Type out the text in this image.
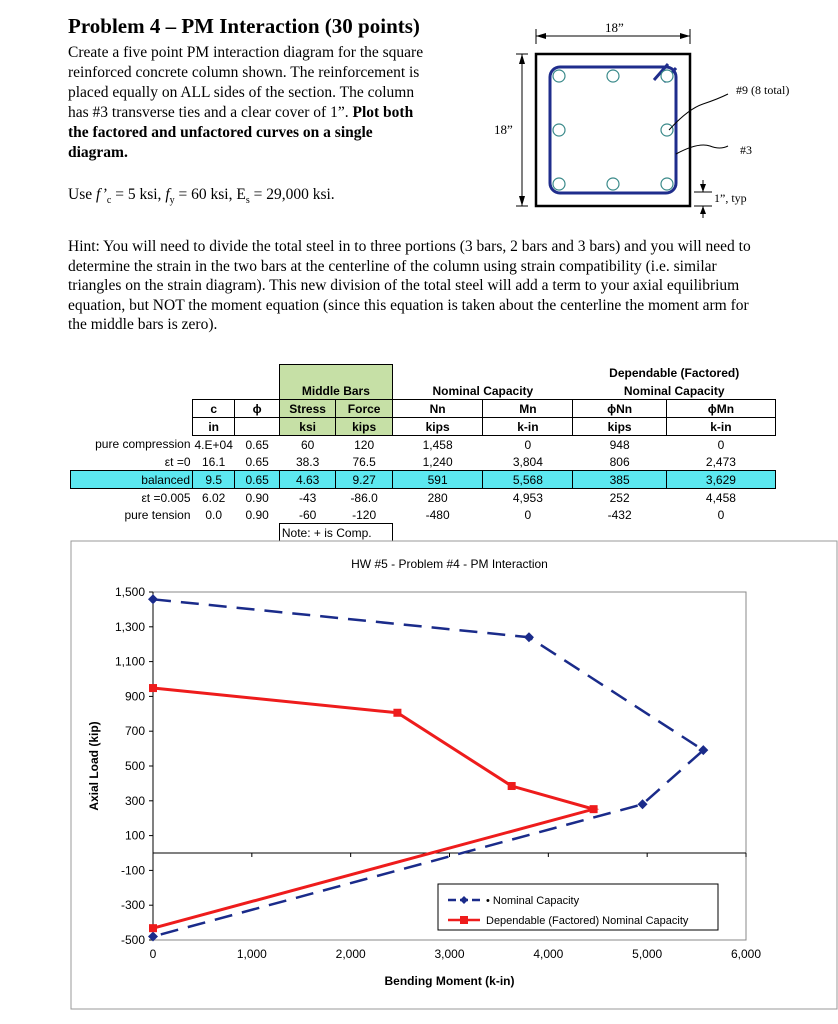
Problem 4 – PM Interaction (30 points)
Create a five point PM interaction diagram for the square
reinforced concrete column shown. The reinforcement is
placed equally on ALL sides of the section. The column
has #3 transverse ties and a clear cover of 1”. Plot both
the factored and unfactored curves on a single
diagram.
Use $f’_c = 5$ ksi, $f_y = 60$ ksi, $E_s = 29,000$ ksi.
Hint: You will need to divide the total steel in to three portions (3 bars, 2 bars and 3 bars) and you will need to determine the strain in the two bars at the centerline of the column using strain compatibility (i.e. similar triangles on the strain diagram). This new division of the total steel will add a term to your axial equilibrium equation, but NOT the moment equation (since this equation is taken about the centerline the moment arm for the middle bars is zero).
18”
18”
#9 (8 total)
#3
1”, typ
							Dependable (Factored)	
			Middle Bars		Nominal Capacity		Nominal Capacity	
	c	ϕ	Stress	Force	Nn	Mn	ϕNn	ϕMn
	in		ksi	kips	kips	k-in	kips	k-in
pure compression	4.E+04	0.65	60	120	1,458	0	948	0
εt =0	16.1	0.65	38.3	76.5	1,240	3,804	806	2,473
balanced	9.5	0.65	4.63	9.27	591	5,568	385	3,629
εt =0.005	6.02	0.90	-43	-86.0	280	4,953	252	4,458
pure tension	0.0	0.90	-60	-120	-480	0	-432	0
			Note: + is Comp.					
HW #5 - Problem #4 - PM Interaction
1,500
1,300
1,100
900
700
500
300
100
-100
-300
-500
0	1,000	2,000	3,000	4,000	5,000	6,000
Bending Moment (k-in)
Axial Load (kip)
• Nominal Capacity
Dependable (Factored) Nominal Capacity
